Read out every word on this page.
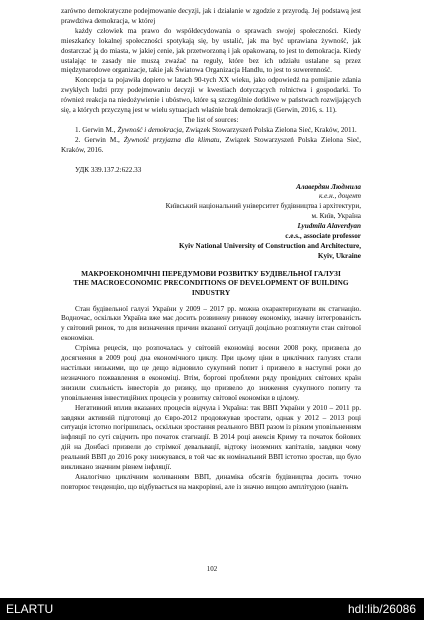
zarówno demokratyczne podejmowanie decyzji, jak i działanie w zgodzie z przyrodą. Jej podstawą jest prawdziwa demokracja, w której

każdy człowiek ma prawo do współdecydowania o sprawach swojej społeczności. Kiedy mieszkańcy lokalnej społeczności spotykają się, by ustalić, jak ma być uprawiana żywność, jak dostarczać ją do miasta, w jakiej cenie, jak przetworzoną i jak opakowaną, to jest to demokracja. Kiedy ustalając te zasady nie muszą zważać na reguły, które bez ich udziału ustalane są przez międzynarodowe organizacje, takie jak Światowa Organizacja Handlu, to jest to suwerenność.

Koncepcja ta pojawiła dopiero w latach 90-tych XX wieku, jako odpowiedź na pomijanie zdania zwykłych ludzi przy podejmowaniu decyzji w kwestiach dotyczących rolnictwa i gospodarki. To również reakcja na niedożywienie i ubóstwo, które są szczególnie dotkliwe w państwach rozwijających się, a których przyczyną jest w wielu sytuacjach właśnie brak demokracji (Gerwin, 2016, s. 11).

The list of sources:

1. Gerwin M., Żywność i demokracja, Związek Stowarzyszeń Polska Zielona Sieć, Kraków, 2011.

2. Gerwin M., Żywność przyjazna dla klimatu, Związek Stowarzyszeń Polska Zielona Sieć, Kraków, 2016.

УДК 339.137.2:622.33

Алавердян Людмила

к.е.н., доцент

Київський національний університет будівництва і архітектури,

м. Київ, Україна

Lyudmila Alaverdyan

c.e.s., associate professor

Kyiv National University of Construction and Architecture,

Kyiv, Ukraine

МАКРОЕКОНОМІЧНІ ПЕРЕДУМОВИ РОЗВИТКУ БУДІВЕЛЬНОЇ ГАЛУЗІ

THE MACROECONOMIC PRECONDITIONS OF DEVELOPMENT OF BUILDING INDUSTRY

Стан будівельної галузі України у 2009 – 2017 рр. можна охарактеризувати як стагнацію. Водночас, оскільки Україна вже має досить розвинену ринкову економіку, значну інтегрованість у світовий ринок, то для визначення причин вказаної ситуації доцільно розглянути стан світової економіки.

Стрімка рецесія, що розпочалась у світовій економіці восени 2008 року, призвела до досягнення в 2009 році дна економічного циклу. При цьому ціни в циклічних галузях стали настільки низькими, що це дещо відновило сукупний попит і призвело в наступні роки до незначного пожвавлення в економіці. Втім, борговi проблеми ряду провідних світових країн знизили схильність інвесторів до ризику, що призвело до зниження сукупного попиту та уповільнення інвестиційних процесів у розвитку світової економіки в цілому.

Негативний вплив вказаних процесів відчула і Україна: так ВВП України у 2010 – 2011 рр. завдяки активній підготовці до Євро-2012 продовжував зростати, однак у 2012 – 2013 році ситуація істотно погіршилась, оскільки зростання реального ВВП разом із різким уповільненням інфляції по суті свідчить про початок стагнації. В 2014 році анексія Криму та початок бойових дій на Донбасі призвели до стрімкої девальвації, відтоку іноземних капіталів, завдяки чому реальний ВВП до 2016 року знижувався, в той час як номінальний ВВП істотно зростав, що було викликано значним рівнем інфляції.

Аналогічно циклічним коливанням ВВП, динаміка обсягів будівництва досить точно повторює тенденцію, що відбувається на макрорівні, але із значно вищою амплітудою (навіть

102
ELARTU	hdl:lib/26086
